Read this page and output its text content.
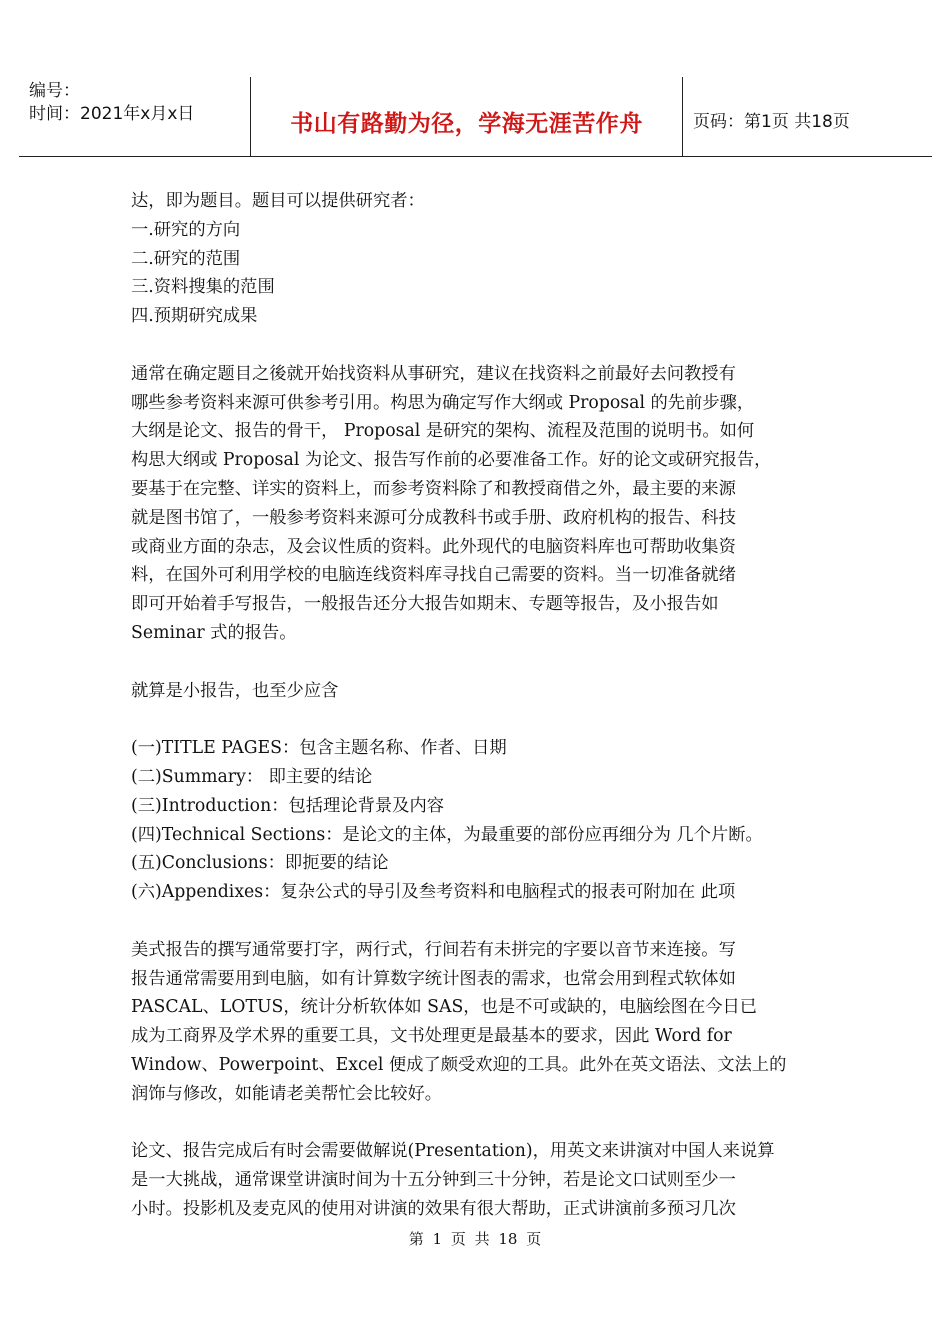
编号：
时间：2021年x月x日	书山有路勤为径，学海无涯苦作舟	页码：第1页 共18页
达，即为题目。题目可以提供研究者：
一.研究的方向
二.研究的范围
三.资料搜集的范围
四.预期研究成果
通常在确定题目之後就开始找资料从事研究，建议在找资料之前最好去问教授有
哪些参考资料来源可供参考引用。构思为确定写作大纲或 Proposal 的先前步骤，
大纲是论文、报告的骨干， Proposal 是研究的架构、流程及范围的说明书。如何
构思大纲或 Proposal 为论文、报告写作前的必要准备工作。好的论文或研究报告，
要基于在完整、详实的资料上，而参考资料除了和教授商借之外，最主要的来源
就是图书馆了，一般参考资料来源可分成教科书或手册、政府机构的报告、科技
或商业方面的杂志，及会议性质的资料。此外现代的电脑资料库也可帮助收集资
料，在国外可利用学校的电脑连线资料库寻找自己需要的资料。当一切准备就绪
即可开始着手写报告，一般报告还分大报告如期末、专题等报告，及小报告如
Seminar 式的报告。
就算是小报告，也至少应含
(一)TITLE PAGES：包含主题名称、作者、日期
(二)Summary： 即主要的结论
(三)Introduction：包括理论背景及内容
(四)Technical Sections：是论文的主体，为最重要的部份应再细分为 几个片断。
(五)Conclusions：即扼要的结论
(六)Appendixes：复杂公式的导引及叁考资料和电脑程式的报表可附加在 此项
美式报告的撰写通常要打字，两行式，行间若有未拼完的字要以音节来连接。写
报告通常需要用到电脑，如有计算数字统计图表的需求，也常会用到程式软体如
PASCAL、LOTUS，统计分析软体如 SAS，也是不可或缺的，电脑绘图在今日已
成为工商界及学术界的重要工具，文书处理更是最基本的要求，因此 Word for
Window、Powerpoint、Excel 便成了颇受欢迎的工具。此外在英文语法、文法上的
润饰与修改，如能请老美帮忙会比较好。
论文、报告完成后有时会需要做解说(Presentation)，用英文来讲演对中国人来说算
是一大挑战，通常课堂讲演时间为十五分钟到三十分钟，若是论文口试则至少一
小时。投影机及麦克风的使用对讲演的效果有很大帮助，正式讲演前多预习几次
第 1 页 共 18 页
